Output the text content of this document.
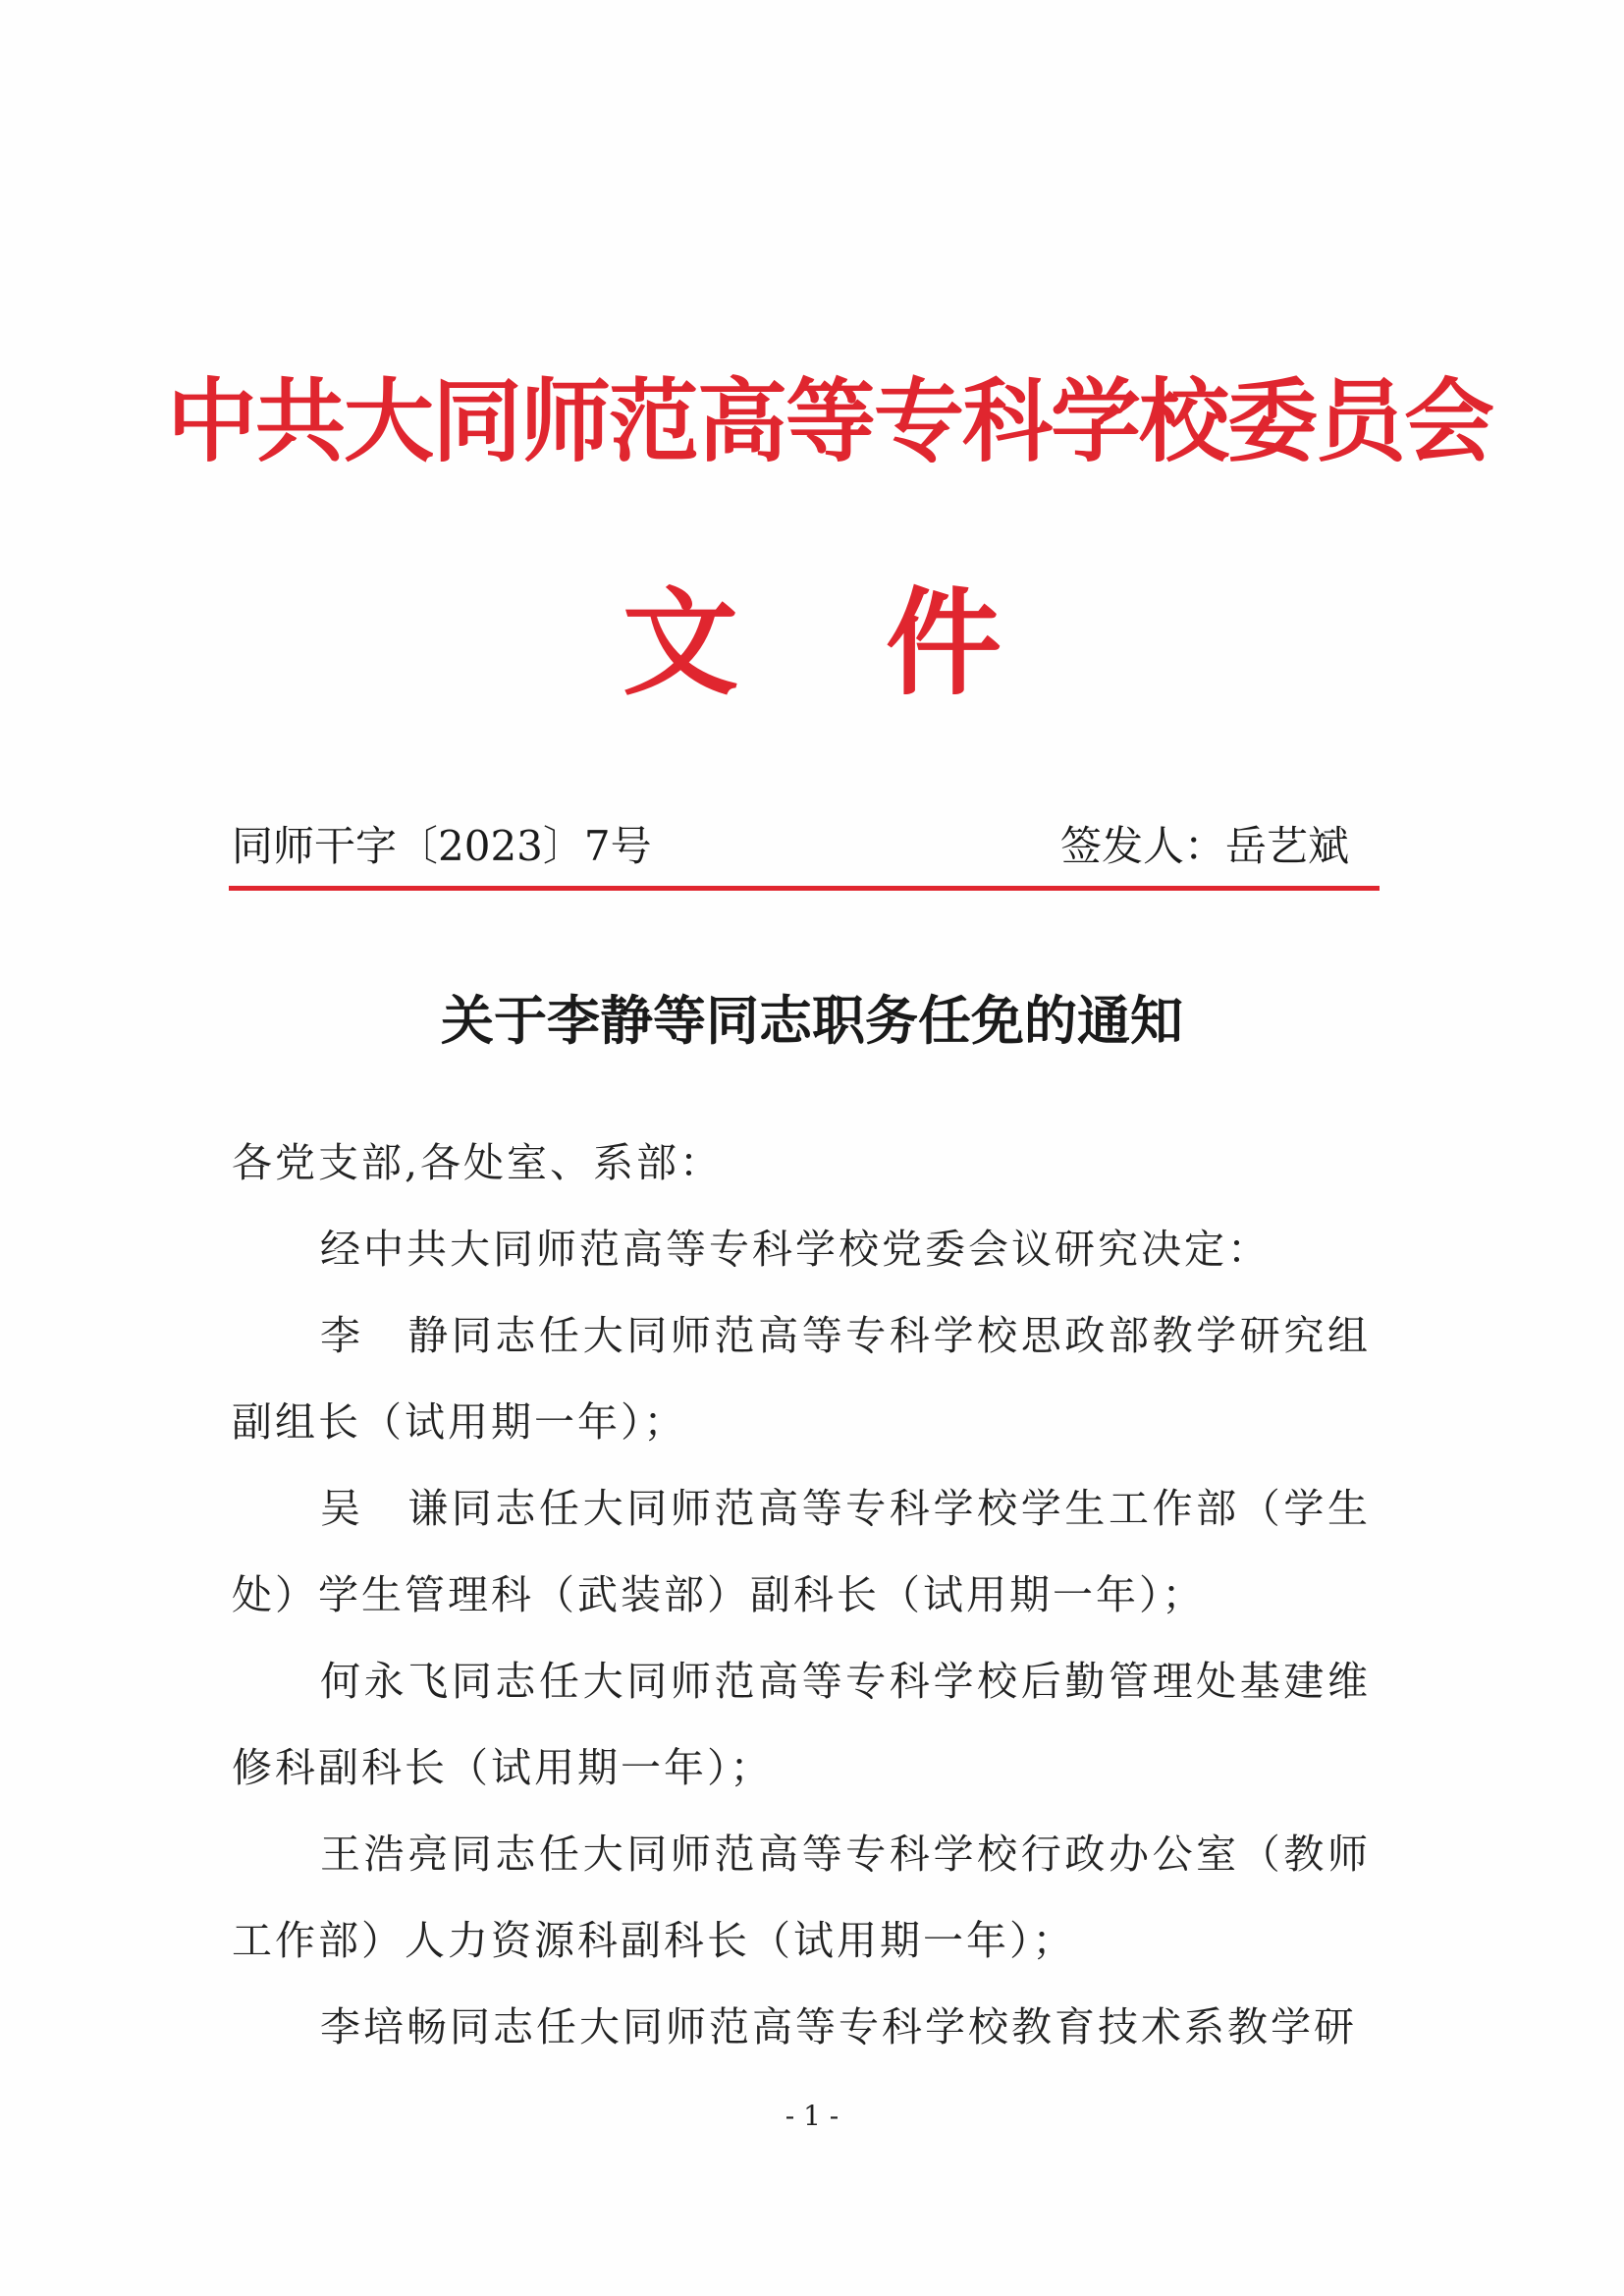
中共大同师范高等专科学校委员会
文件
同师干字〔2023〕7号	签发人：岳艺斌
关于李静等同志职务任免的通知

各党支部,各处室、系部：

经中共大同师范高等专科学校党委会议研究决定：

李　静同志任大同师范高等专科学校思政部教学研究组副组长（试用期一年）；

吴　谦同志任大同师范高等专科学校学生工作部（学生处）学生管理科（武装部）副科长（试用期一年）；

何永飞同志任大同师范高等专科学校后勤管理处基建维修科副科长（试用期一年）；

王浩亮同志任大同师范高等专科学校行政办公室（教师工作部）人力资源科副科长（试用期一年）；

李培畅同志任大同师范高等专科学校教育技术系教学研

- 1 -
